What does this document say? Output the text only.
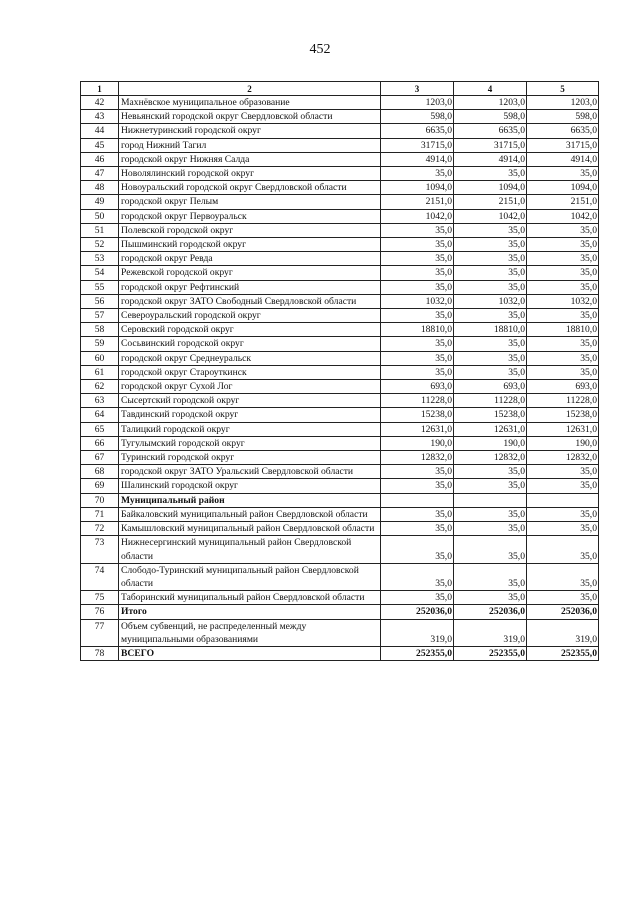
452
1	2	3	4	5
42	Махнёвское муниципальное образование	1203,0	1203,0	1203,0
43	Невьянский городской округ Свердловской области	598,0	598,0	598,0
44	Нижнетуринский городской округ	6635,0	6635,0	6635,0
45	город Нижний Тагил	31715,0	31715,0	31715,0
46	городской округ Нижняя Салда	4914,0	4914,0	4914,0
47	Новолялинский городской округ	35,0	35,0	35,0
48	Новоуральский городской округ Свердловской области	1094,0	1094,0	1094,0
49	городской округ Пелым	2151,0	2151,0	2151,0
50	городской округ Первоуральск	1042,0	1042,0	1042,0
51	Полевской городской округ	35,0	35,0	35,0
52	Пышминский городской округ	35,0	35,0	35,0
53	городской округ Ревда	35,0	35,0	35,0
54	Режевской городской округ	35,0	35,0	35,0
55	городской округ Рефтинский	35,0	35,0	35,0
56	городской округ ЗАТО Свободный Свердловской области	1032,0	1032,0	1032,0
57	Североуральский городской округ	35,0	35,0	35,0
58	Серовский городской округ	18810,0	18810,0	18810,0
59	Сосьвинский городской округ	35,0	35,0	35,0
60	городской округ Среднеуральск	35,0	35,0	35,0
61	городской округ Староуткинск	35,0	35,0	35,0
62	городской округ Сухой Лог	693,0	693,0	693,0
63	Сысертский городской округ	11228,0	11228,0	11228,0
64	Тавдинский городской округ	15238,0	15238,0	15238,0
65	Талицкий городской округ	12631,0	12631,0	12631,0
66	Тугулымский городской округ	190,0	190,0	190,0
67	Туринский городской округ	12832,0	12832,0	12832,0
68	городской округ ЗАТО Уральский Свердловской области	35,0	35,0	35,0
69	Шалинский городской округ	35,0	35,0	35,0
70	Муниципальный район			
71	Байкаловский муниципальный район Свердловской области	35,0	35,0	35,0
72	Камышловский муниципальный район Свердловской области	35,0	35,0	35,0
73	Нижнесергинский муниципальный район Свердловской области	35,0	35,0	35,0
74	Слободо-Туринский муниципальный район Свердловской области	35,0	35,0	35,0
75	Таборинский муниципальный район Свердловской области	35,0	35,0	35,0
76	Итого	252036,0	252036,0	252036,0
77	Объем субвенций, не распределенный между муниципальными образованиями	319,0	319,0	319,0
78	ВСЕГО	252355,0	252355,0	252355,0
